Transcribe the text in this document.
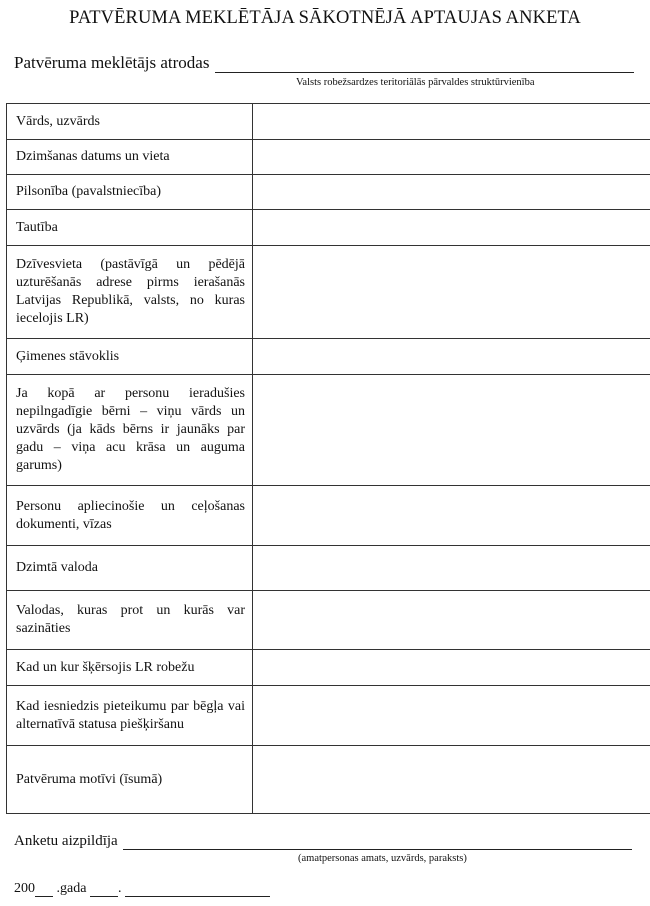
PATVĒRUMA MEKLĒTĀJA SĀKOTNĒJĀ APTAUJAS ANKETA
Patvēruma meklētājs atrodas
Valsts robežsardzes teritoriālās pārvaldes struktūrvienība
Vārds, uzvārds	
Dzimšanas datums un vieta	
Pilsonība (pavalstniecība)	
Tautība	
Dzīvesvieta (pastāvīgā un pēdējā uzturēšanās adrese pirms ierašanās Latvijas Republikā, valsts, no kuras iecelojis LR)	
Ģimenes stāvoklis	
Ja kopā ar personu ieradušies nepilngadīgie bērni – viņu vārds un uzvārds (ja kāds bērns ir jaunāks par gadu – viņa acu krāsa un auguma garums)	
Personu apliecinošie un ceļošanas dokumenti, vīzas	
Dzimtā valoda	
Valodas, kuras prot un kurās var sazināties	
Kad un kur šķērsojis LR robežu	
Kad iesniedzis pieteikumu par bēgļa vai alternatīvā statusa piešķiršanu	
Patvēruma motīvi (īsumā)	
Anketu aizpildīja
(amatpersonas amats, uzvārds, paraksts)
200
.gada
.
